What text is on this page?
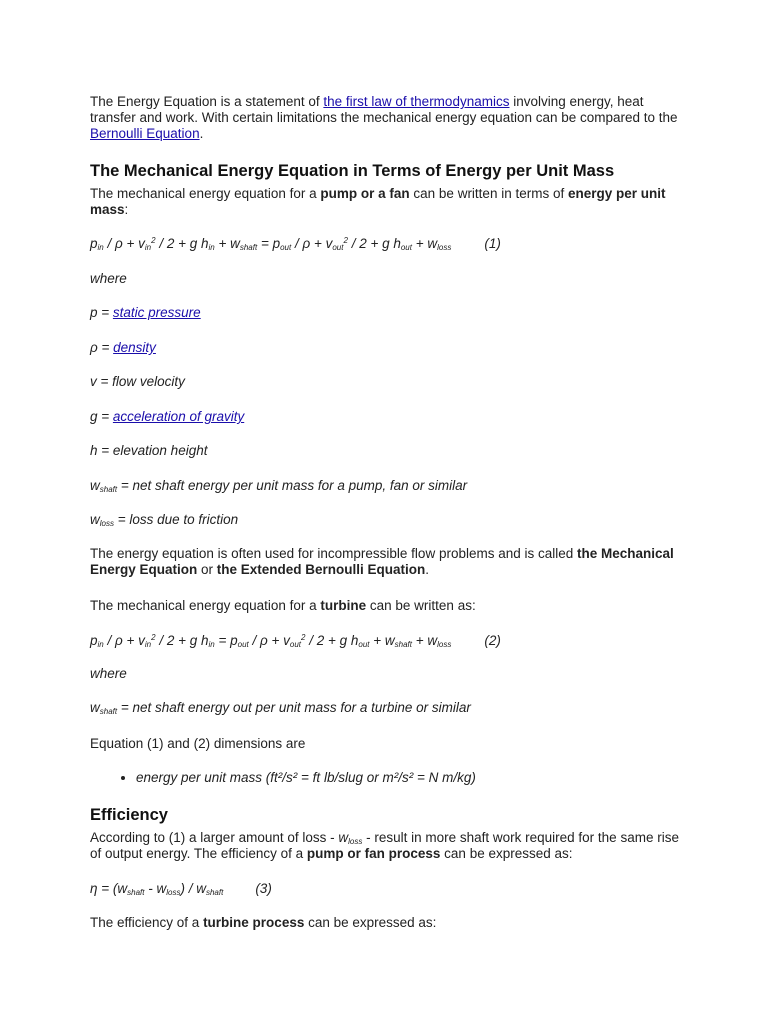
The Energy Equation is a statement of the first law of thermodynamics involving energy, heat transfer and work. With certain limitations the mechanical energy equation can be compared to the Bernoulli Equation.

The Mechanical Energy Equation in Terms of Energy per Unit Mass

The mechanical energy equation for a pump or a fan can be written in terms of energy per unit mass:

$p_{in} / \rho + v_{in}^2 / 2 + g$ $h_{in} + w_{shaft} = p_{out} / \rho + v_{out}^2 / 2 + g$ $h_{out} + w_{loss}$ (1)
where
p = static pressure
ρ = density
v = flow velocity
g = acceleration of gravity
h = elevation height
$w_{shaft}$ = net shaft energy per unit mass for a pump, fan or similar
$w_{loss}$ = loss due to friction

The energy equation is often used for incompressible flow problems and is called the Mechanical Energy Equation or the Extended Bernoulli Equation.

The mechanical energy equation for a turbine can be written as:

$p_{in} / \rho + v_{in}^2 / 2 + g$ $h_{in} = p_{out} / \rho + v_{out}^2 / 2 + g$ $h_{out} + w_{shaft} + w_{loss}$ (2)
where
$w_{shaft}$ = net shaft energy out per unit mass for a turbine or similar
Equation (1) and (2) dimensions are
• energy per unit mass (ft²/s² = ft lb/slug or m²/s² = N m/kg)
Efficiency

According to (1) a larger amount of loss - $w_{loss}$ - result in more shaft work required for the same rise of output energy. The efficiency of a pump or fan process can be expressed as:

$\eta = (w_{shaft} - w_{loss}) / w_{shaft}$ (3)

The efficiency of a turbine process can be expressed as:
